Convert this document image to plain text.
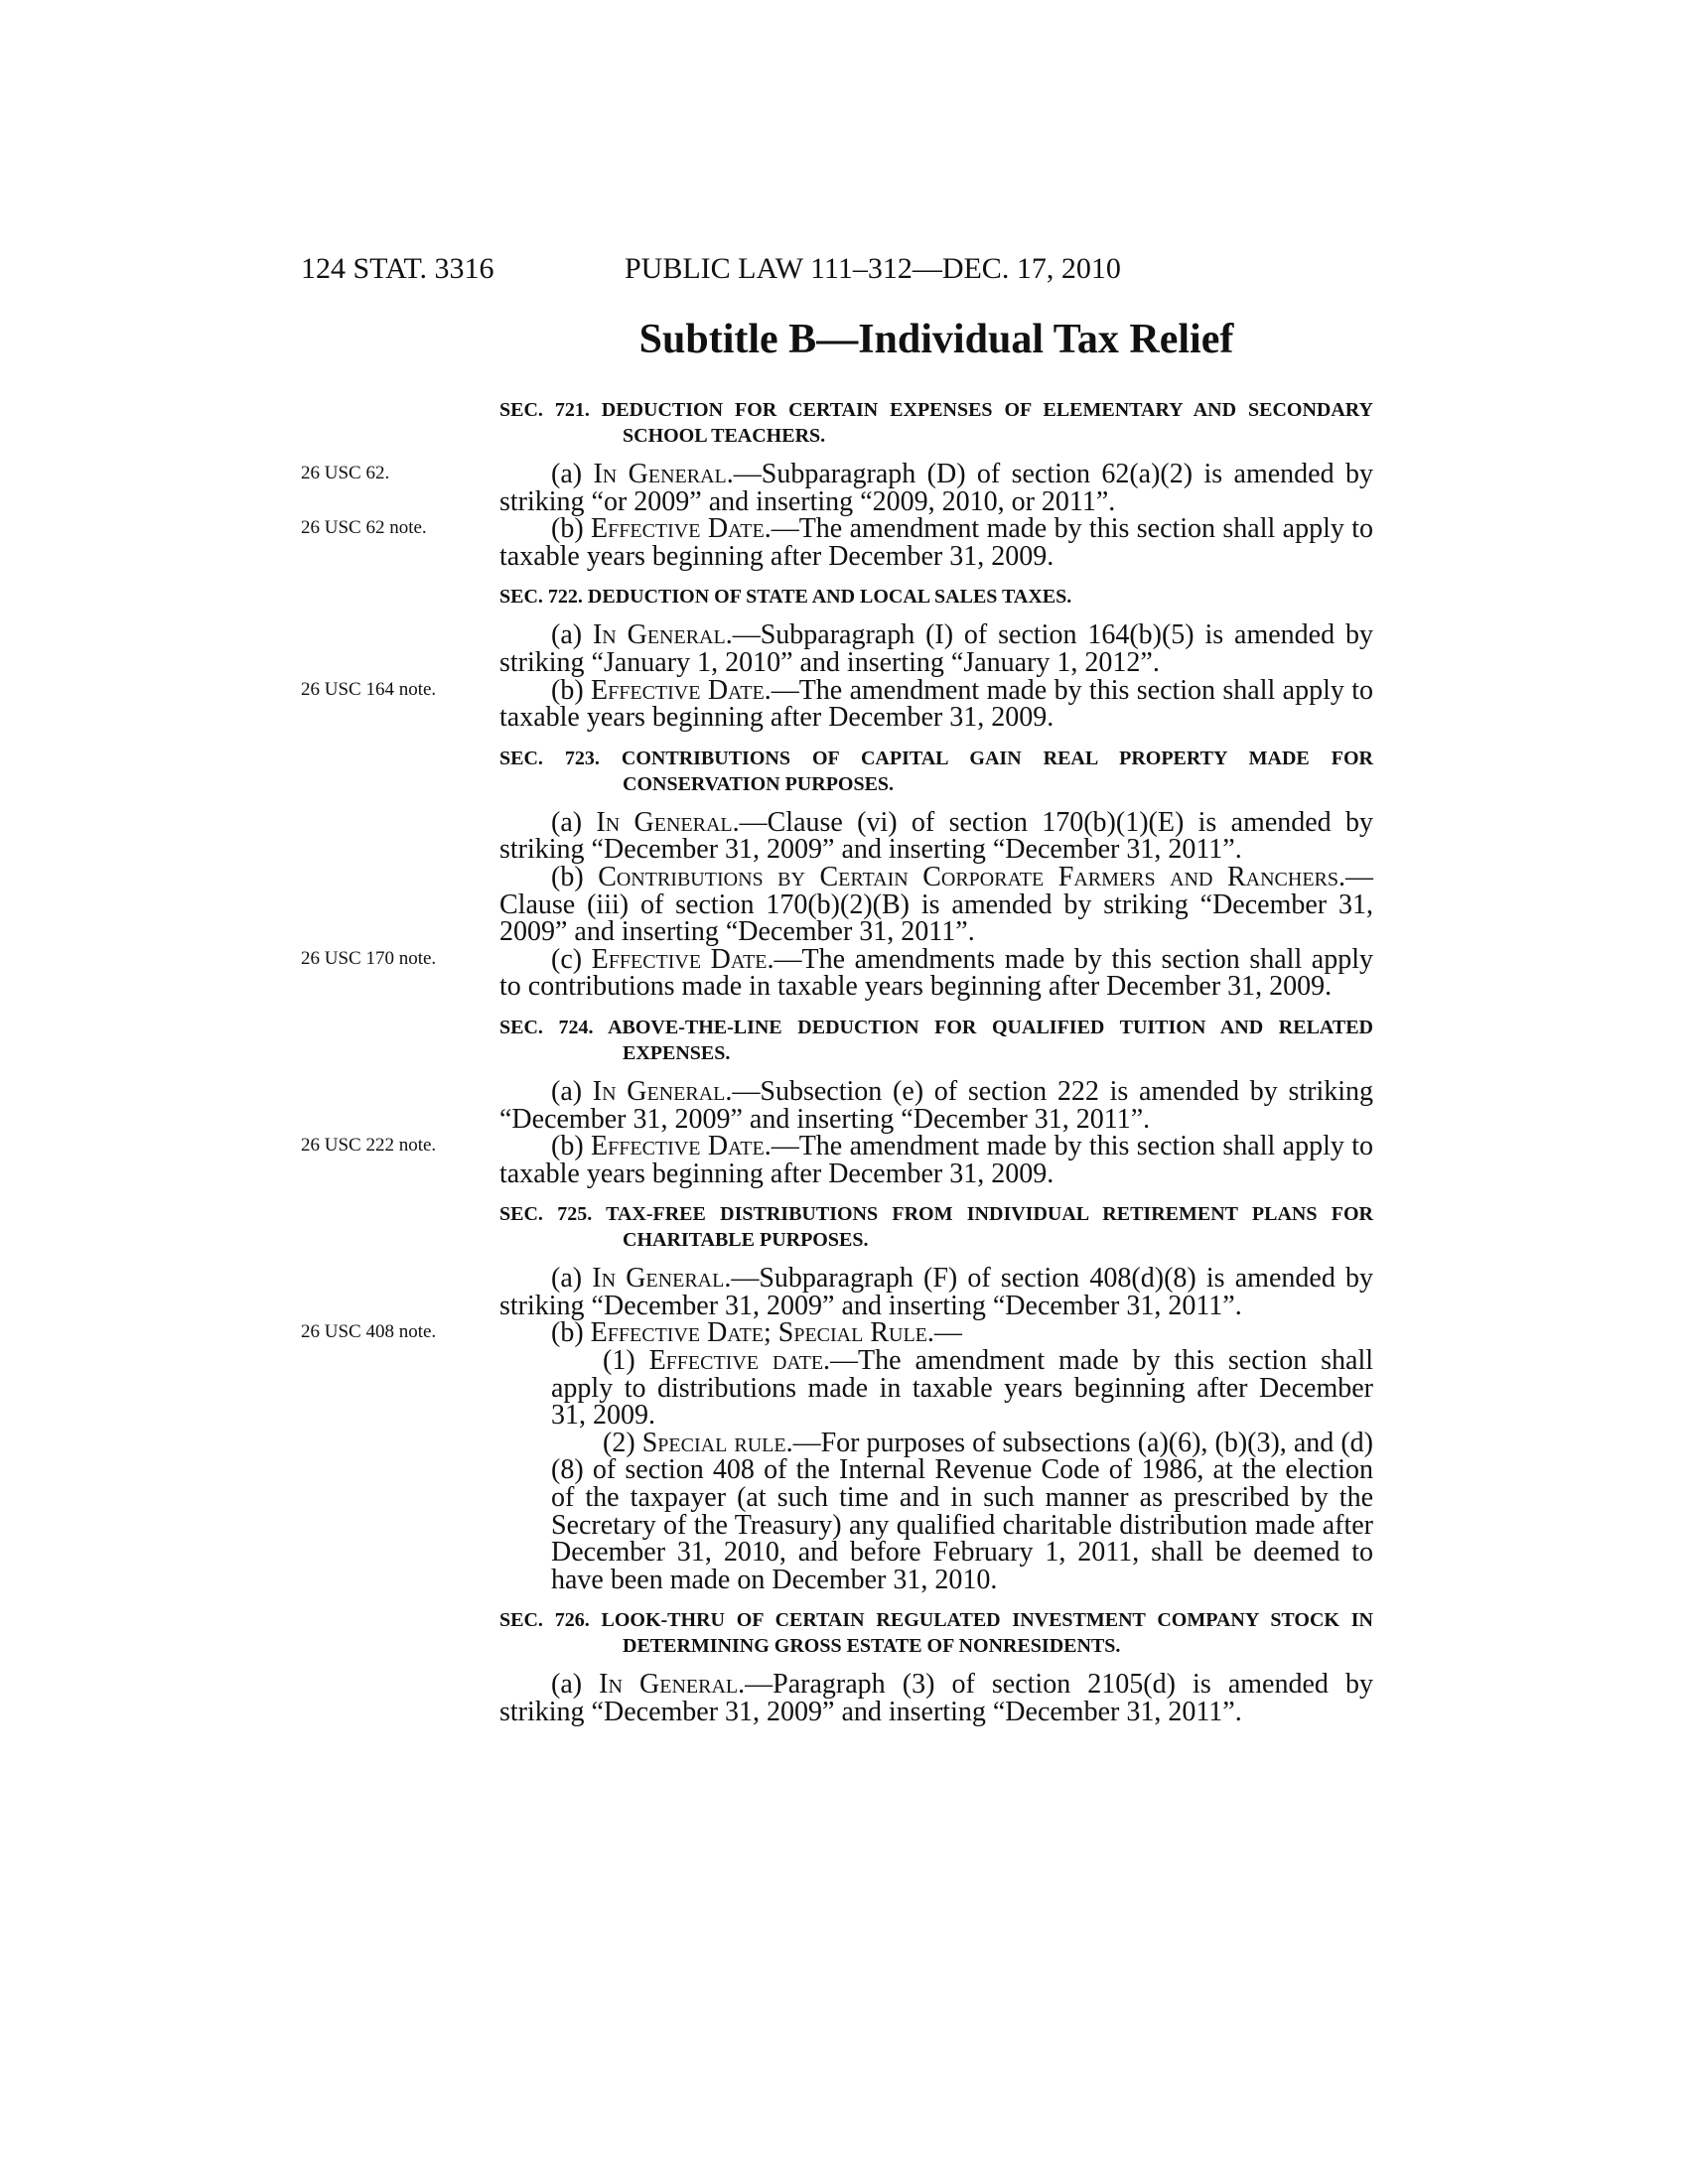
124 STAT. 3316	PUBLIC LAW 111–312—DEC. 17, 2010
Subtitle B—Individual Tax Relief

SEC. 721. DEDUCTION FOR CERTAIN EXPENSES OF ELEMENTARY AND SECONDARY SCHOOL TEACHERS.

26 USC 62.	(a) In General.—Subparagraph (D) of section 62(a)(2) is amended by striking “or 2009” and inserting “2009, 2010, or 2011”.

26 USC 62 note.	(b) Effective Date.—The amendment made by this section shall apply to taxable years beginning after December 31, 2009.

SEC. 722. DEDUCTION OF STATE AND LOCAL SALES TAXES.

(a) In General.—Subparagraph (I) of section 164(b)(5) is amended by striking “January 1, 2010” and inserting “January 1, 2012”.

26 USC 164 note.	(b) Effective Date.—The amendment made by this section shall apply to taxable years beginning after December 31, 2009.

SEC. 723. CONTRIBUTIONS OF CAPITAL GAIN REAL PROPERTY MADE FOR CONSERVATION PURPOSES.

(a) In General.—Clause (vi) of section 170(b)(1)(E) is amended by striking “December 31, 2009” and inserting “December 31, 2011”.

(b) Contributions by Certain Corporate Farmers and Ranchers.—Clause (iii) of section 170(b)(2)(B) is amended by striking “December 31, 2009” and inserting “December 31, 2011”.

26 USC 170 note.	(c) Effective Date.—The amendments made by this section shall apply to contributions made in taxable years beginning after December 31, 2009.

SEC. 724. ABOVE-THE-LINE DEDUCTION FOR QUALIFIED TUITION AND RELATED EXPENSES.

(a) In General.—Subsection (e) of section 222 is amended by striking “December 31, 2009” and inserting “December 31, 2011”.

26 USC 222 note.	(b) Effective Date.—The amendment made by this section shall apply to taxable years beginning after December 31, 2009.

SEC. 725. TAX-FREE DISTRIBUTIONS FROM INDIVIDUAL RETIREMENT PLANS FOR CHARITABLE PURPOSES.

(a) In General.—Subparagraph (F) of section 408(d)(8) is amended by striking “December 31, 2009” and inserting “December 31, 2011”.

26 USC 408 note.	(b) Effective Date; Special Rule.—

(1) Effective date.—The amendment made by this section shall apply to distributions made in taxable years beginning after December 31, 2009.

(2) Special rule.—For purposes of subsections (a)(6), (b)(3), and (d)(8) of section 408 of the Internal Revenue Code of 1986, at the election of the taxpayer (at such time and in such manner as prescribed by the Secretary of the Treasury) any qualified charitable distribution made after December 31, 2010, and before February 1, 2011, shall be deemed to have been made on December 31, 2010.

SEC. 726. LOOK-THRU OF CERTAIN REGULATED INVESTMENT COMPANY STOCK IN DETERMINING GROSS ESTATE OF NONRESIDENTS.

(a) In General.—Paragraph (3) of section 2105(d) is amended by striking “December 31, 2009” and inserting “December 31, 2011”.
